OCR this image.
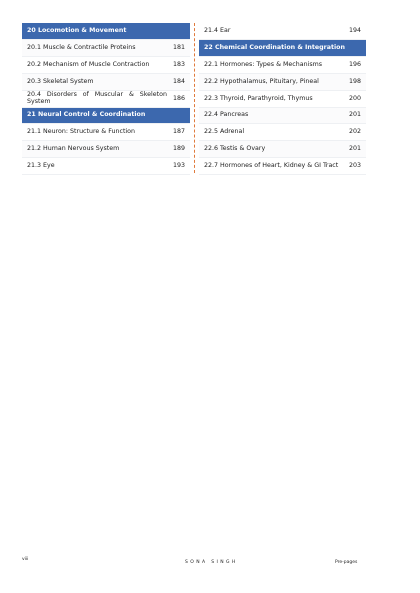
20 Locomotion & Movement
20.1 Muscle & Contractile Proteins	181
20.2 Mechanism of Muscle Contraction	183
20.3 Skeletal System	184
20.4 Disorders of Muscular & Skeleton System	186
21 Neural Control & Coordination
21.1 Neuron: Structure & Function	187
21.2 Human Nervous System	189
21.3 Eye	193
21.4 Ear	194
22 Chemical Coordination & Integration
22.1 Hormones: Types & Mechanisms	196
22.2 Hypothalamus, Pituitary, Pineal	198
22.3 Thyroid, Parathyroid, Thymus	200
22.4 Pancreas	201
22.5 Adrenal	202
22.6 Testis & Ovary	201
22.7 Hormones of Heart, Kidney & GI Tract	203
viii
SONA SINGH	Pre-pages
